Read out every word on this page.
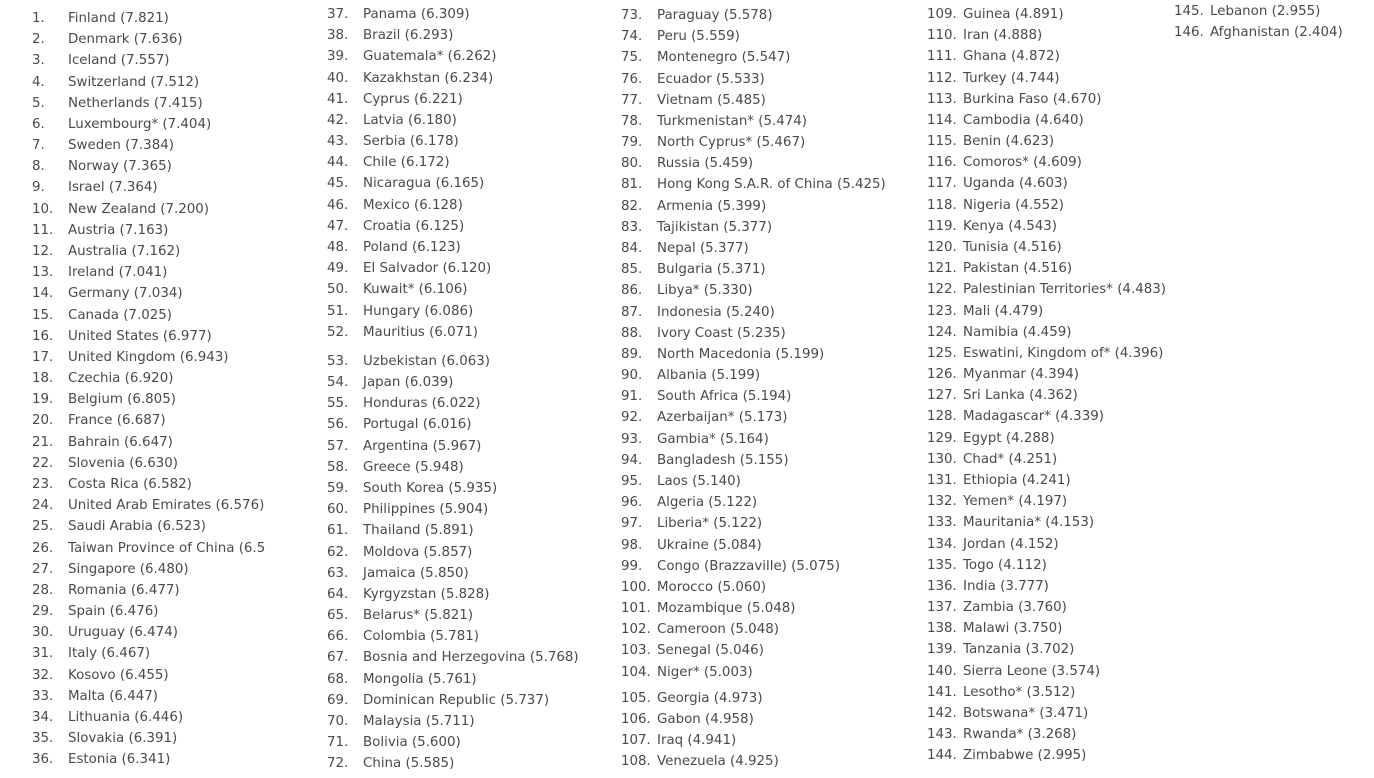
1. Finland (7.821)
2. Denmark (7.636)
3. Iceland (7.557)
4. Switzerland (7.512)
5. Netherlands (7.415)
6. Luxembourg* (7.404)
7. Sweden (7.384)
8. Norway (7.365)
9. Israel (7.364)
10. New Zealand (7.200)
11. Austria (7.163)
12. Australia (7.162)
13. Ireland (7.041)
14. Germany (7.034)
15. Canada (7.025)
16. United States (6.977)
17. United Kingdom (6.943)
18. Czechia (6.920)
19. Belgium (6.805)
20. France (6.687)
21. Bahrain (6.647)
22. Slovenia (6.630)
23. Costa Rica (6.582)
24. United Arab Emirates (6.576)
25. Saudi Arabia (6.523)
26. Taiwan Province of China (6.5
27. Singapore (6.480)
28. Romania (6.477)
29. Spain (6.476)
30. Uruguay (6.474)
31. Italy (6.467)
32. Kosovo (6.455)
33. Malta (6.447)
34. Lithuania (6.446)
35. Slovakia (6.391)
36. Estonia (6.341)
37. Panama (6.309)
38. Brazil (6.293)
39. Guatemala* (6.262)
40. Kazakhstan (6.234)
41. Cyprus (6.221)
42. Latvia (6.180)
43. Serbia (6.178)
44. Chile (6.172)
45. Nicaragua (6.165)
46. Mexico (6.128)
47. Croatia (6.125)
48. Poland (6.123)
49. El Salvador (6.120)
50. Kuwait* (6.106)
51. Hungary (6.086)
52. Mauritius (6.071)
53. Uzbekistan (6.063)
54. Japan (6.039)
55. Honduras (6.022)
56. Portugal (6.016)
57. Argentina (5.967)
58. Greece (5.948)
59. South Korea (5.935)
60. Philippines (5.904)
61. Thailand (5.891)
62. Moldova (5.857)
63. Jamaica (5.850)
64. Kyrgyzstan (5.828)
65. Belarus* (5.821)
66. Colombia (5.781)
67. Bosnia and Herzegovina (5.768)
68. Mongolia (5.761)
69. Dominican Republic (5.737)
70. Malaysia (5.711)
71. Bolivia (5.600)
72. China (5.585)
73. Paraguay (5.578)
74. Peru (5.559)
75. Montenegro (5.547)
76. Ecuador (5.533)
77. Vietnam (5.485)
78. Turkmenistan* (5.474)
79. North Cyprus* (5.467)
80. Russia (5.459)
81. Hong Kong S.A.R. of China (5.425)
82. Armenia (5.399)
83. Tajikistan (5.377)
84. Nepal (5.377)
85. Bulgaria (5.371)
86. Libya* (5.330)
87. Indonesia (5.240)
88. Ivory Coast (5.235)
89. North Macedonia (5.199)
90. Albania (5.199)
91. South Africa (5.194)
92. Azerbaijan* (5.173)
93. Gambia* (5.164)
94. Bangladesh (5.155)
95. Laos (5.140)
96. Algeria (5.122)
97. Liberia* (5.122)
98. Ukraine (5.084)
99. Congo (Brazzaville) (5.075)
100. Morocco (5.060)
101. Mozambique (5.048)
102. Cameroon (5.048)
103. Senegal (5.046)
104. Niger* (5.003)
105. Georgia (4.973)
106. Gabon (4.958)
107. Iraq (4.941)
108. Venezuela (4.925)
109. Guinea (4.891)
110. Iran (4.888)
111. Ghana (4.872)
112. Turkey (4.744)
113. Burkina Faso (4.670)
114. Cambodia (4.640)
115. Benin (4.623)
116. Comoros* (4.609)
117. Uganda (4.603)
118. Nigeria (4.552)
119. Kenya (4.543)
120. Tunisia (4.516)
121. Pakistan (4.516)
122. Palestinian Territories* (4.483)
123. Mali (4.479)
124. Namibia (4.459)
125. Eswatini, Kingdom of* (4.396)
126. Myanmar (4.394)
127. Sri Lanka (4.362)
128. Madagascar* (4.339)
129. Egypt (4.288)
130. Chad* (4.251)
131. Ethiopia (4.241)
132. Yemen* (4.197)
133. Mauritania* (4.153)
134. Jordan (4.152)
135. Togo (4.112)
136. India (3.777)
137. Zambia (3.760)
138. Malawi (3.750)
139. Tanzania (3.702)
140. Sierra Leone (3.574)
141. Lesotho* (3.512)
142. Botswana* (3.471)
143. Rwanda* (3.268)
144. Zimbabwe (2.995)
145. Lebanon (2.955)
146. Afghanistan (2.404)
